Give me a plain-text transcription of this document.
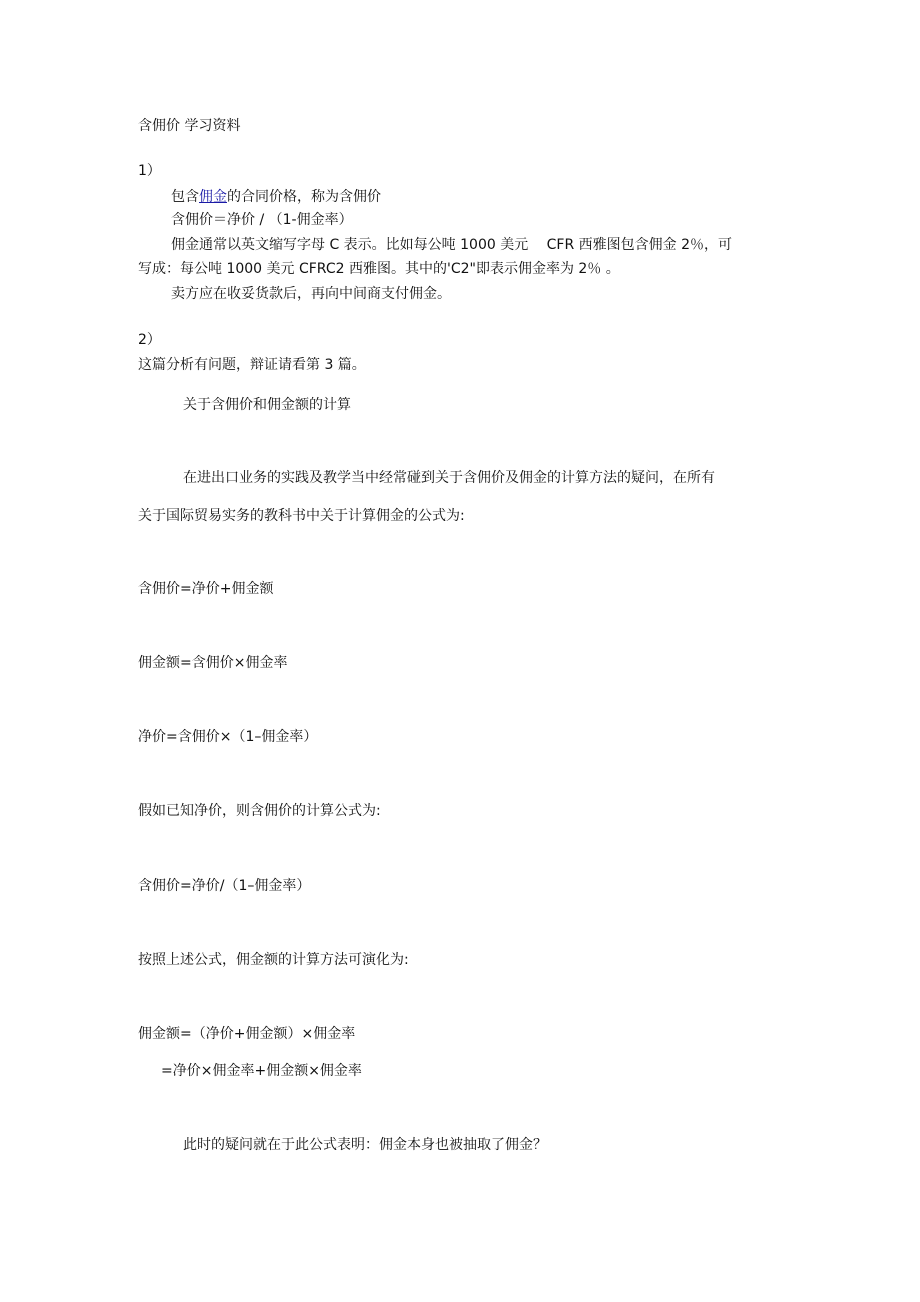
含佣价 学习资料
1）
包含佣金的合同价格，称为含佣价
含佣价＝净价 / （1-佣金率）
佣金通常以英文缩写字母 C 表示。比如每公吨 1000 美元　 CFR 西雅图包含佣金 2％，可
写成：每公吨 1000 美元 CFRC2 西雅图。其中的'C2"即表示佣金率为 2％ 。
卖方应在收妥货款后，再向中间商支付佣金。
2）
这篇分析有问题，辩证请看第 3 篇。
关于含佣价和佣金额的计算
在进出口业务的实践及教学当中经常碰到关于含佣价及佣金的计算方法的疑问，在所有
关于国际贸易实务的教科书中关于计算佣金的公式为:
含佣价=净价+佣金额
佣金额=含佣价×佣金率
净价=含佣价×（1–佣金率）
假如已知净价，则含佣价的计算公式为:
含佣价=净价/（1–佣金率）
按照上述公式，佣金额的计算方法可演化为:
佣金额=（净价+佣金额）×佣金率
=净价×佣金率+佣金额×佣金率
此时的疑问就在于此公式表明：佣金本身也被抽取了佣金？
